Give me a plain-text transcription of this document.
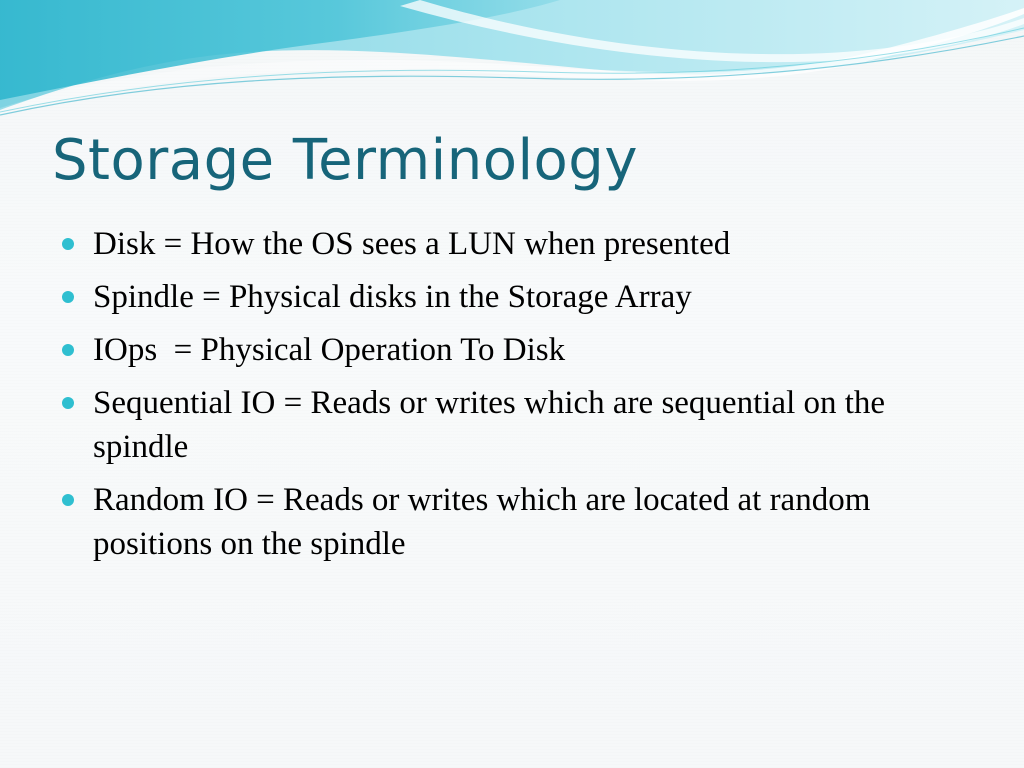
Storage Terminology
Disk = How the OS sees a LUN when presented
Spindle = Physical disks in the Storage Array
IOps  = Physical Operation To Disk
Sequential IO = Reads or writes which are sequential on the spindle
Random IO = Reads or writes which are located at random positions on the spindle
